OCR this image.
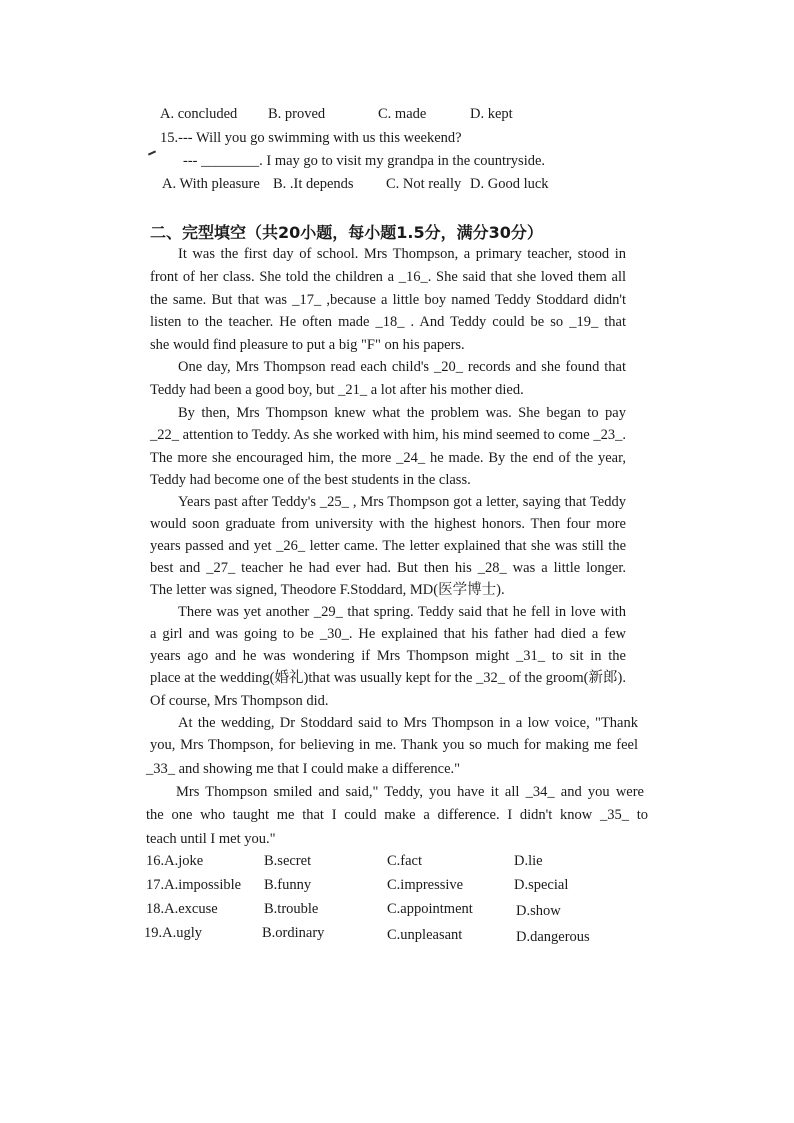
A. concluded B. proved	C. made	D. kept
15.--- Will you go swimming with us this weekend?
--- ________. I may go to visit my grandpa in the countryside.
A. With pleasure B. .It depends C. Not really D. Good luck
二、完型填空（共20小题，每小题1.5分，满分30分）
It was the first day of school. Mrs Thompson, a primary teacher, stood in
front of her class. She told the children a _16_. She said that she loved them all
the same. But that was _17_ ,because a little boy named Teddy Stoddard didn't
listen to the teacher. He often made _18_ . And Teddy could be so _19_ that
she would find pleasure to put a big "F" on his papers.
One day, Mrs Thompson read each child's _20_ records and she found that
Teddy had been a good boy, but _21_ a lot after his mother died.
By then, Mrs Thompson knew what the problem was. She began to pay
_22_ attention to Teddy. As she worked with him, his mind seemed to come _23_.
The more she encouraged him, the more _24_ he made. By the end of the year,
Teddy had become one of the best students in the class.
Years past after Teddy's _25_ , Mrs Thompson got a letter, saying that Teddy
would soon graduate from university with the highest honors. Then four more
years passed and yet _26_ letter came. The letter explained that she was still the
best and _27_ teacher he had ever had. But then his _28_ was a little longer.
The letter was signed, Theodore F.Stoddard, MD(医学博士).
There was yet another _29_ that spring. Teddy said that he fell in love with
a girl and was going to be _30_. He explained that his father had died a few
years ago and he was wondering if Mrs Thompson might _31_ to sit in the
place at the wedding(婚礼)that was usually kept for the _32_ of the groom(新郎).
Of course, Mrs Thompson did.
At the wedding, Dr Stoddard said to Mrs Thompson in a low voice, "Thank
you, Mrs Thompson, for believing in me. Thank you so much for making me feel
_33_ and showing me that I could make a difference."
Mrs Thompson smiled and said," Teddy, you have it all _34_ and you were
the one who taught me that I could make a difference. I didn't know _35_ to
teach until I met you."
16.A.joke	B.secret	C.fact	D.lie
17.A.impossible B.funny	C.impressive	D.special
18.A.excuse	B.trouble	C.appointment	D.show
19.A.ugly	B.ordinary	C.unpleasant	D.dangerous
